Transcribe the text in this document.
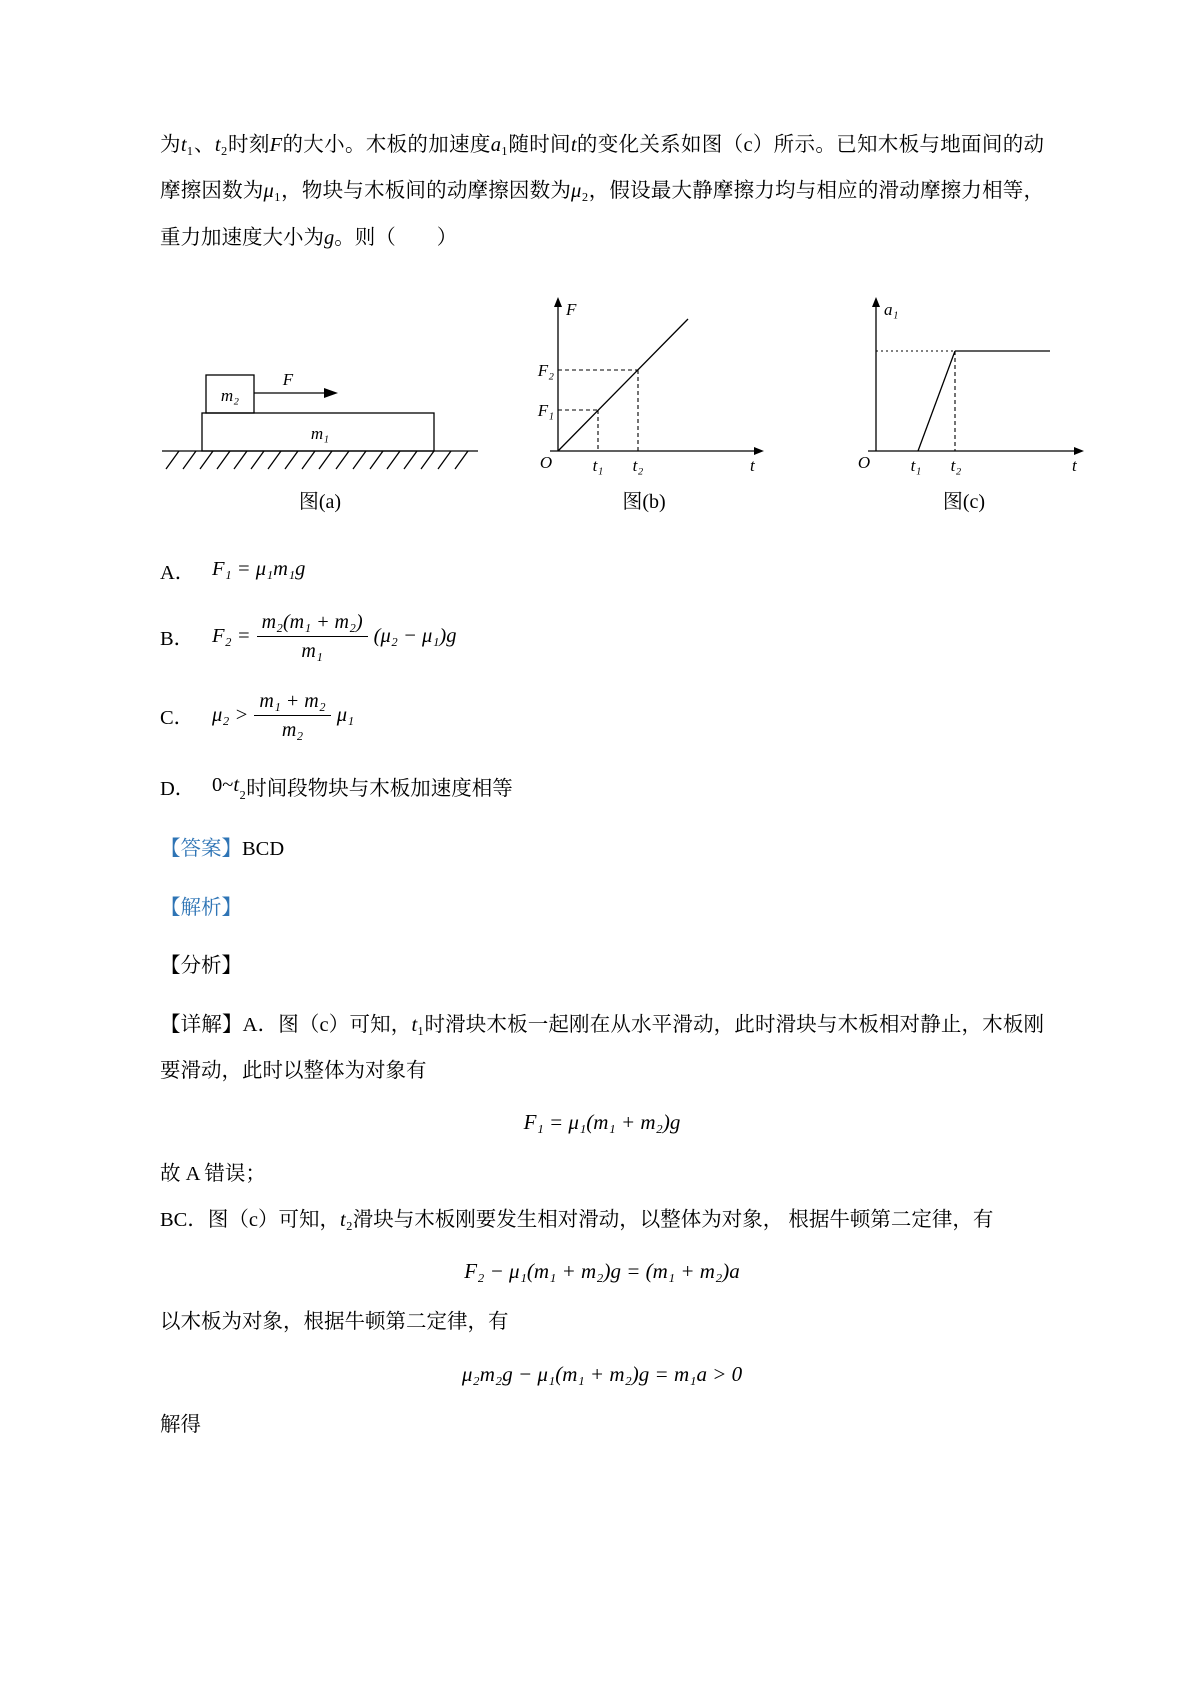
为t₁、t₂时刻F的大小。木板的加速度a₁随时间t的变化关系如图（c）所示。已知木板与地面间的动摩擦因数为μ₁，物块与木板间的动摩擦因数为μ₂，假设最大静摩擦力均与相应的滑动摩擦力相等，重力加速度大小为g。则（　　）

m₁
m₂
F
图(a)
F
t
O
F₂
F₁
t₁ t₂
图(b)
a₁
t
O t₁ t₂
图(c)
A． F₁ = μ₁m₁g
B． $F_2 = \frac{\text{m₂(m₁ + m₂)}}{\text{m₁}} (\mu_2 - \mu_1)g$
C． $\mu_2 > \frac{\text{m₁ + m₂}}{\text{m₂}} \mu_1$
D． 0~ t ₂时间段物块与木板加速度相等

【答案】BCD

【解析】

【分析】

【详解】A．图（c）可知，t₁时滑块木板一起刚在从水平滑动，此时滑块与木板相对静止，木板刚要滑动，此时以整体为对象有

F₁ = μ₁(m₁ + m₂)g

故 A 错误；

BC．图（c）可知，t₂滑块与木板刚要发生相对滑动，以整体为对象， 根据牛顿第二定律，有

F₂ − μ₁(m₁ + m₂)g = (m₁ + m₂)a

以木板为对象，根据牛顿第二定律，有

μ₂m₂g − μ₁(m₁ + m₂)g = m₁a > 0

解得
